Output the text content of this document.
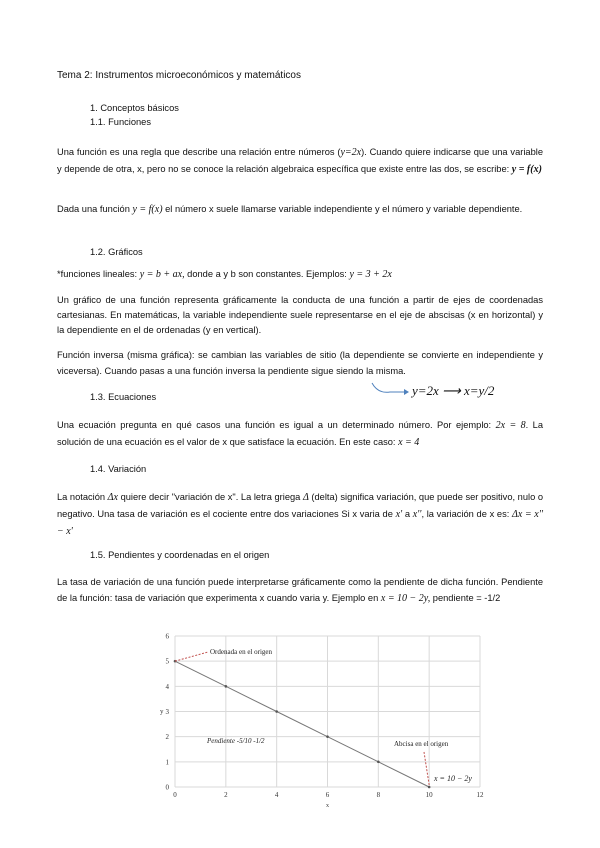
Tema 2: Instrumentos microeconómicos y matemáticos
1. Conceptos básicos
1.1. Funciones
Una función es una regla que describe una relación entre números (y=2x). Cuando quiere indicarse que una variable y depende de otra, x, pero no se conoce la relación algebraica específica que existe entre las dos, se escribe: y = f(x)
Dada una función y = f(x) el número x suele llamarse variable independiente y el número y variable dependiente.
1.2. Gráficos
*funciones lineales: y = b + ax, donde a y b son constantes. Ejemplos: y = 3 + 2x
Un gráfico de una función representa gráficamente la conducta de una función a partir de ejes de coordenadas cartesianas. En matemáticas, la variable independiente suele representarse en el eje de abscisas (x en horizontal) y la dependiente en el de ordenadas (y en vertical).
Función inversa (misma gráfica): se cambian las variables de sitio (la dependiente se convierte en independiente y viceversa). Cuando pasas a una función inversa la pendiente sigue siendo la misma.
1.3. Ecuaciones	y=2x ⟶ x=y/2
Una ecuación pregunta en qué casos una función es igual a un determinado número. Por ejemplo: 2x = 8. La solución de una ecuación es el valor de x que satisface la ecuación. En este caso: x = 4
1.4. Variación
La notación Δx quiere decir "variación de x". La letra griega Δ (delta) significa variación, que puede ser positivo, nulo o negativo. Una tasa de variación es el cociente entre dos variaciones Si x varia de x' a x'', la variación de x es: Δx = x'' − x'
1.5. Pendientes y coordenadas en el origen
La tasa de variación de una función puede interpretarse gráficamente como la pendiente de dicha función. Pendiente de la función: tasa de variación que experimenta x cuando varia y. Ejemplo en x = 10 − 2y, pendiente = -1/2
0	2	4	6	8	10	12
0
1
2
3
4
5
6
x
y
Ordenada en el origen
Abcisa en el origen
Pendiente -5/10 -1/2
x = 10 − 2y
